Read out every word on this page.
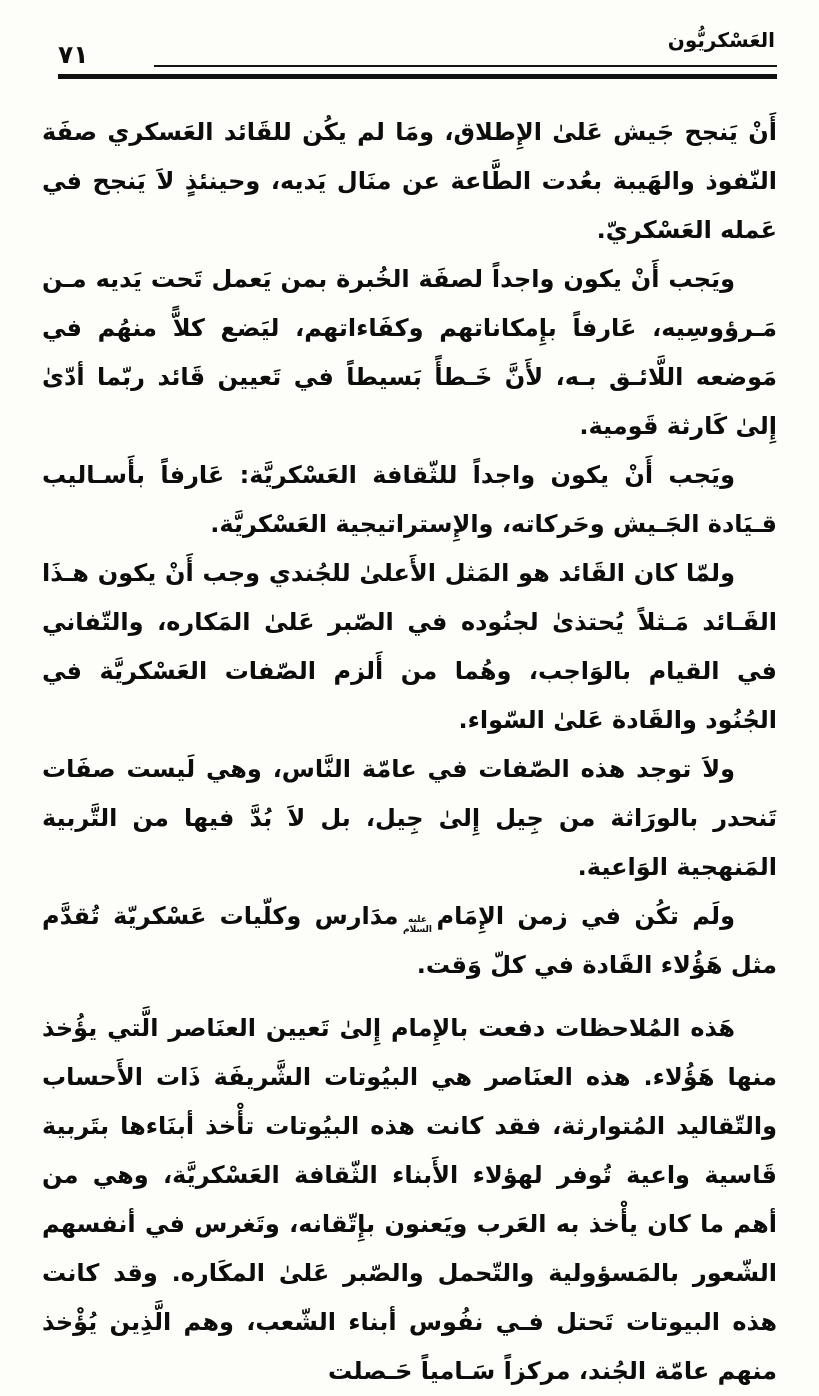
العَسْكريُّون
٧١

أَنْ يَنجح جَيش عَلىٰ الإِطلاق، ومَا لم يكُن للقَائد العَسكري صفَة النّفوذ والهَيبة بعُدت الطَّاعة عن منَال يَديه، وحينئذٍ لاَ يَنجح في عَمله العَسْكريّ.

ويَجب أَنْ يكون واجداً لصفَة الخُبرة بمن يَعمل تَحت يَديه مـن مَـرؤوسِيه، عَارفاً بإِمكاناتهم وكفَاءاتهم، ليَضع كلاًّ منهُم في مَوضعه اللَّائـق بـه، لأَنَّ خَـطأً بَسيطاً في تَعيين قَائد ربّما أدّىٰ إِلىٰ كَارثة قَومية.

ويَجب أَنْ يكون واجداً للثّقافة العَسْكريَّة: عَارفاً بأَسـاليب قـيَادة الجَـيش وحَركاته، والإِستراتيجية العَسْكريَّة.

ولمّا كان القَائد هو المَثل الأَعلىٰ للجُندي وجب أَنْ يكون هـذَا القَـائد مَـثلاً يُحتذىٰ لجنُوده في الصّبر عَلىٰ المَكاره، والتّفاني في القيام بالوَاجب، وهُما من أَلزم الصّفات العَسْكريَّة في الجُنُود والقَادة عَلىٰ السّواء.

ولاَ توجد هذه الصّفات في عامّة النَّاس، وهي لَيست صفَات تَنحدر بالورَاثة من جِيل إِلىٰ جِيل، بل لاَ بُدَّ فيها من التَّربية المَنهجية الوَاعية.

ولَم تكُن في زمن الإِمَامعليه السلاممدَارس وكلّيات عَسْكريّة تُقدَّم مثل هَؤُلاء القَادة في كلّ وَقت.

هَذه المُلاحظات دفعت بالإِمام إِلىٰ تَعيين العنَاصر الَّتي يؤُخذ منها هَؤُلاء. هذه العنَاصر هي البيُوتات الشَّريفَة ذَات الأَحساب والتّقاليد المُتوارثة، فقد كانت هذه البيُوتات تأْخذ أبنَاءها بتَربية قَاسية واعية تُوفر لهؤلاء الأَبناء الثّقافة العَسْكريَّة، وهي من أهم ما كان يأْخذ به العَرب ويَعنون بإِتّقانه، وتَغرس في أنفسهم الشّعور بالمَسؤولية والتّحمل والصّبر عَلىٰ المكَاره. وقد كانت هذه البيوتات تَحتل فـي نفُوس أبناء الشّعب، وهم الَّذِين يُؤْخذ منهم عامّة الجُند، مركزاً سَـامياً حَـصلت
